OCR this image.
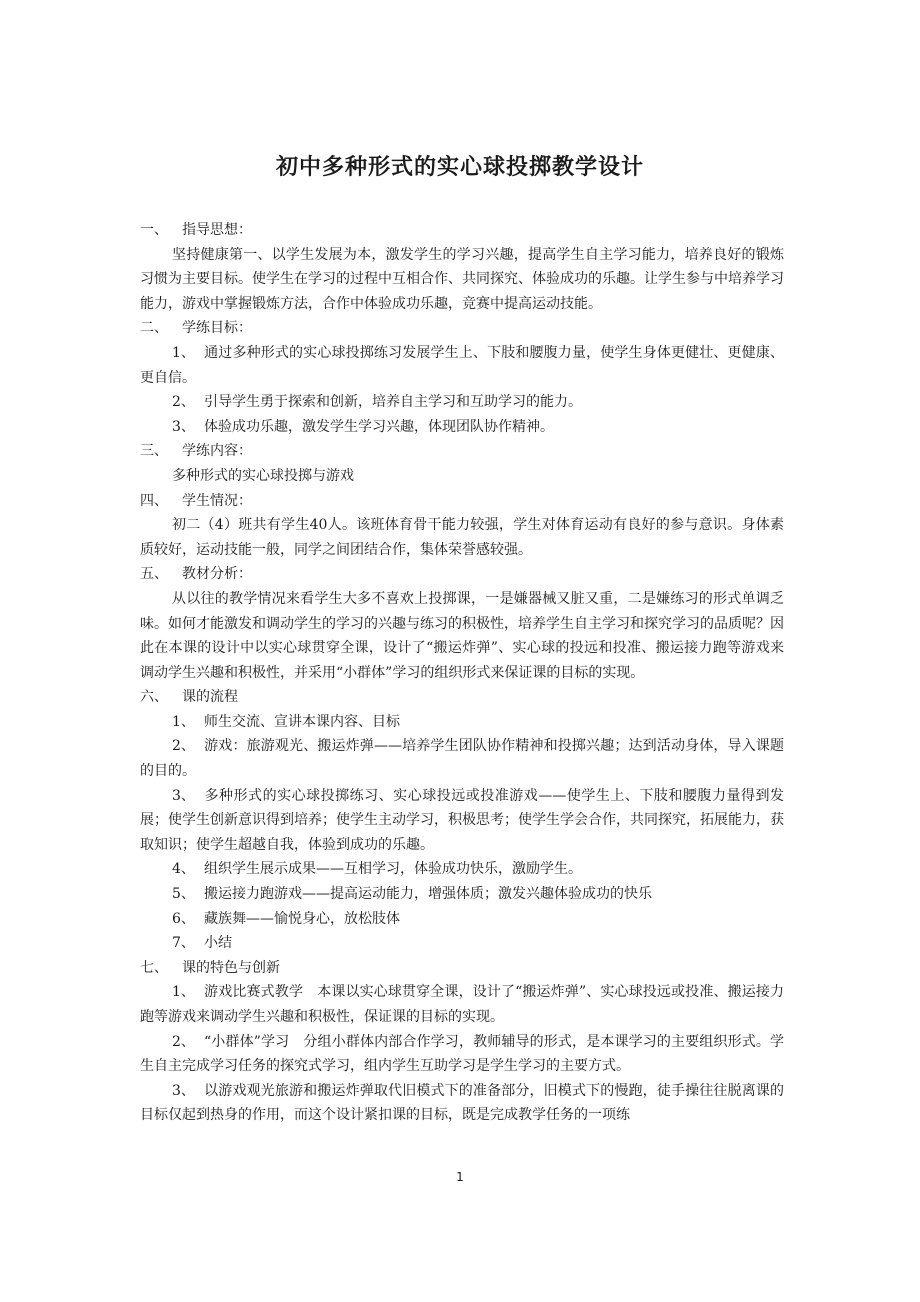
初中多种形式的实心球投掷教学设计

一、 指导思想：

坚持健康第一、以学生发展为本，激发学生的学习兴趣，提高学生自主学习能力，培养良好的锻炼习惯为主要目标。使学生在学习的过程中互相合作、共同探究、体验成功的乐趣。让学生参与中培养学习能力，游戏中掌握锻炼方法，合作中体验成功乐趣，竞赛中提高运动技能。

二、 学练目标：

1、 通过多种形式的实心球投掷练习发展学生上、下肢和腰腹力量，使学生身体更健壮、更健康、更自信。

2、 引导学生勇于探索和创新，培养自主学习和互助学习的能力。

3、 体验成功乐趣，激发学生学习兴趣，体现团队协作精神。

三、 学练内容：

多种形式的实心球投掷与游戏

四、 学生情况：

初二（4）班共有学生40人。该班体育骨干能力较强，学生对体育运动有良好的参与意识。身体素质较好，运动技能一般，同学之间团结合作，集体荣誉感较强。

五、 教材分析：

从以往的教学情况来看学生大多不喜欢上投掷课，一是嫌器械又脏又重，二是嫌练习的形式单调乏味。如何才能激发和调动学生的学习的兴趣与练习的积极性，培养学生自主学习和探究学习的品质呢？因此在本课的设计中以实心球贯穿全课，设计了“搬运炸弹”、实心球的投远和投准、搬运接力跑等游戏来调动学生兴趣和积极性，并采用“小群体”学习的组织形式来保证课的目标的实现。

六、 课的流程

1、 师生交流、宣讲本课内容、目标

2、 游戏：旅游观光、搬运炸弹——培养学生团队协作精神和投掷兴趣；达到活动身体，导入课题的目的。

3、 多种形式的实心球投掷练习、实心球投远或投准游戏——使学生上、下肢和腰腹力量得到发展；使学生创新意识得到培养；使学生主动学习，积极思考；使学生学会合作，共同探究，拓展能力，获取知识；使学生超越自我，体验到成功的乐趣。

4、 组织学生展示成果——互相学习，体验成功快乐，激励学生。

5、 搬运接力跑游戏——提高运动能力，增强体质；激发兴趣体验成功的快乐

6、 藏族舞——愉悦身心，放松肢体

7、 小结

七、 课的特色与创新

1、 游戏比赛式教学　本课以实心球贯穿全课，设计了“搬运炸弹”、实心球投远或投准、搬运接力跑等游戏来调动学生兴趣和积极性，保证课的目标的实现。

2、 “小群体”学习　分组小群体内部合作学习，教师辅导的形式，是本课学习的主要组织形式。学生自主完成学习任务的探究式学习，组内学生互助学习是学生学习的主要方式。

3、 以游戏观光旅游和搬运炸弹取代旧模式下的准备部分，旧模式下的慢跑，徒手操往往脱离课的目标仅起到热身的作用，而这个设计紧扣课的目标，既是完成教学任务的一项练

1
